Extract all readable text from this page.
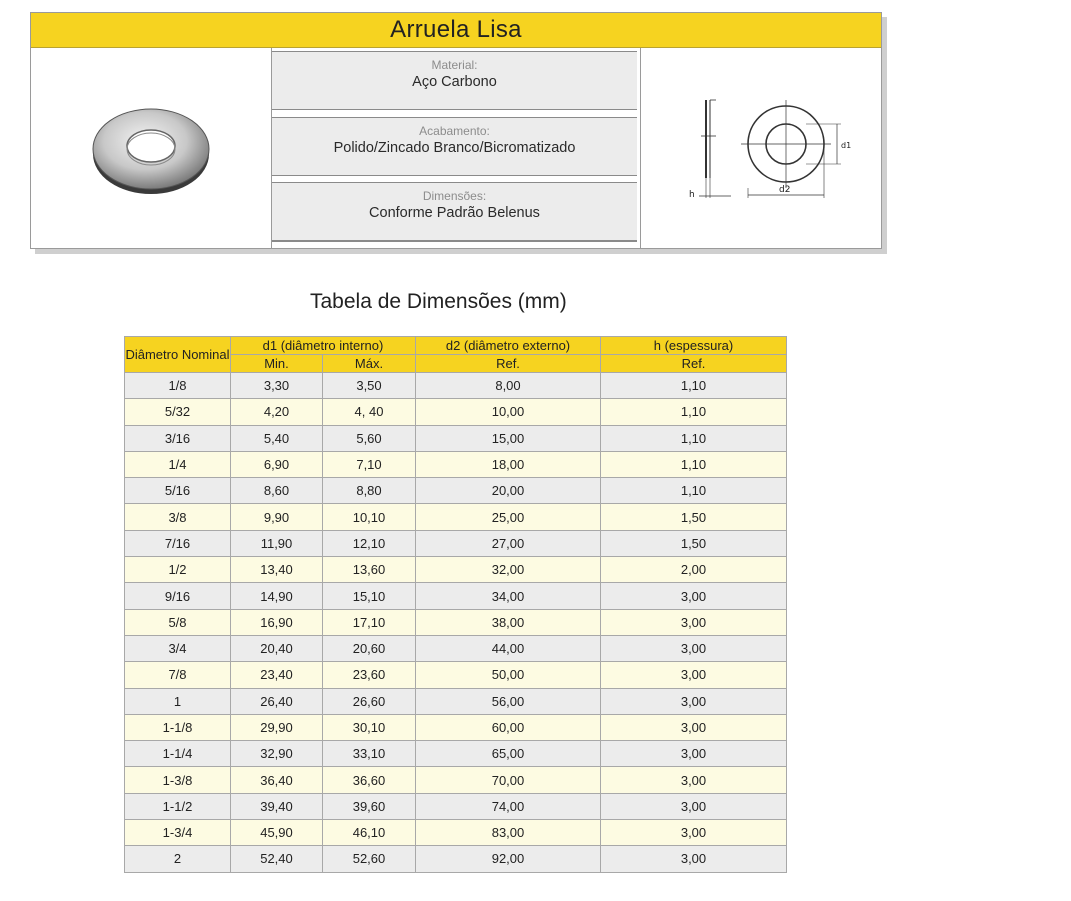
Arruela Lisa
Material:
Aço Carbono
Acabamento:
Polido/Zincado Branco/Bicromatizado
Dimensões:
Conforme Padrão Belenus
h	d2
d1
Tabela de Dimensões (mm)
Diâmetro Nominal	d1 (diâmetro interno)		d2 (diâmetro externo)	h (espessura)
	Min.	Máx.	Ref.	Ref.
1/8	3,30	3,50	8,00	1,10
5/32	4,20	4, 40	10,00	1,10
3/16	5,40	5,60	15,00	1,10
1/4	6,90	7,10	18,00	1,10
5/16	8,60	8,80	20,00	1,10
3/8	9,90	10,10	25,00	1,50
7/16	11,90	12,10	27,00	1,50
1/2	13,40	13,60	32,00	2,00
9/16	14,90	15,10	34,00	3,00
5/8	16,90	17,10	38,00	3,00
3/4	20,40	20,60	44,00	3,00
7/8	23,40	23,60	50,00	3,00
1	26,40	26,60	56,00	3,00
1-1/8	29,90	30,10	60,00	3,00
1-1/4	32,90	33,10	65,00	3,00
1-3/8	36,40	36,60	70,00	3,00
1-1/2	39,40	39,60	74,00	3,00
1-3/4	45,90	46,10	83,00	3,00
2	52,40	52,60	92,00	3,00
